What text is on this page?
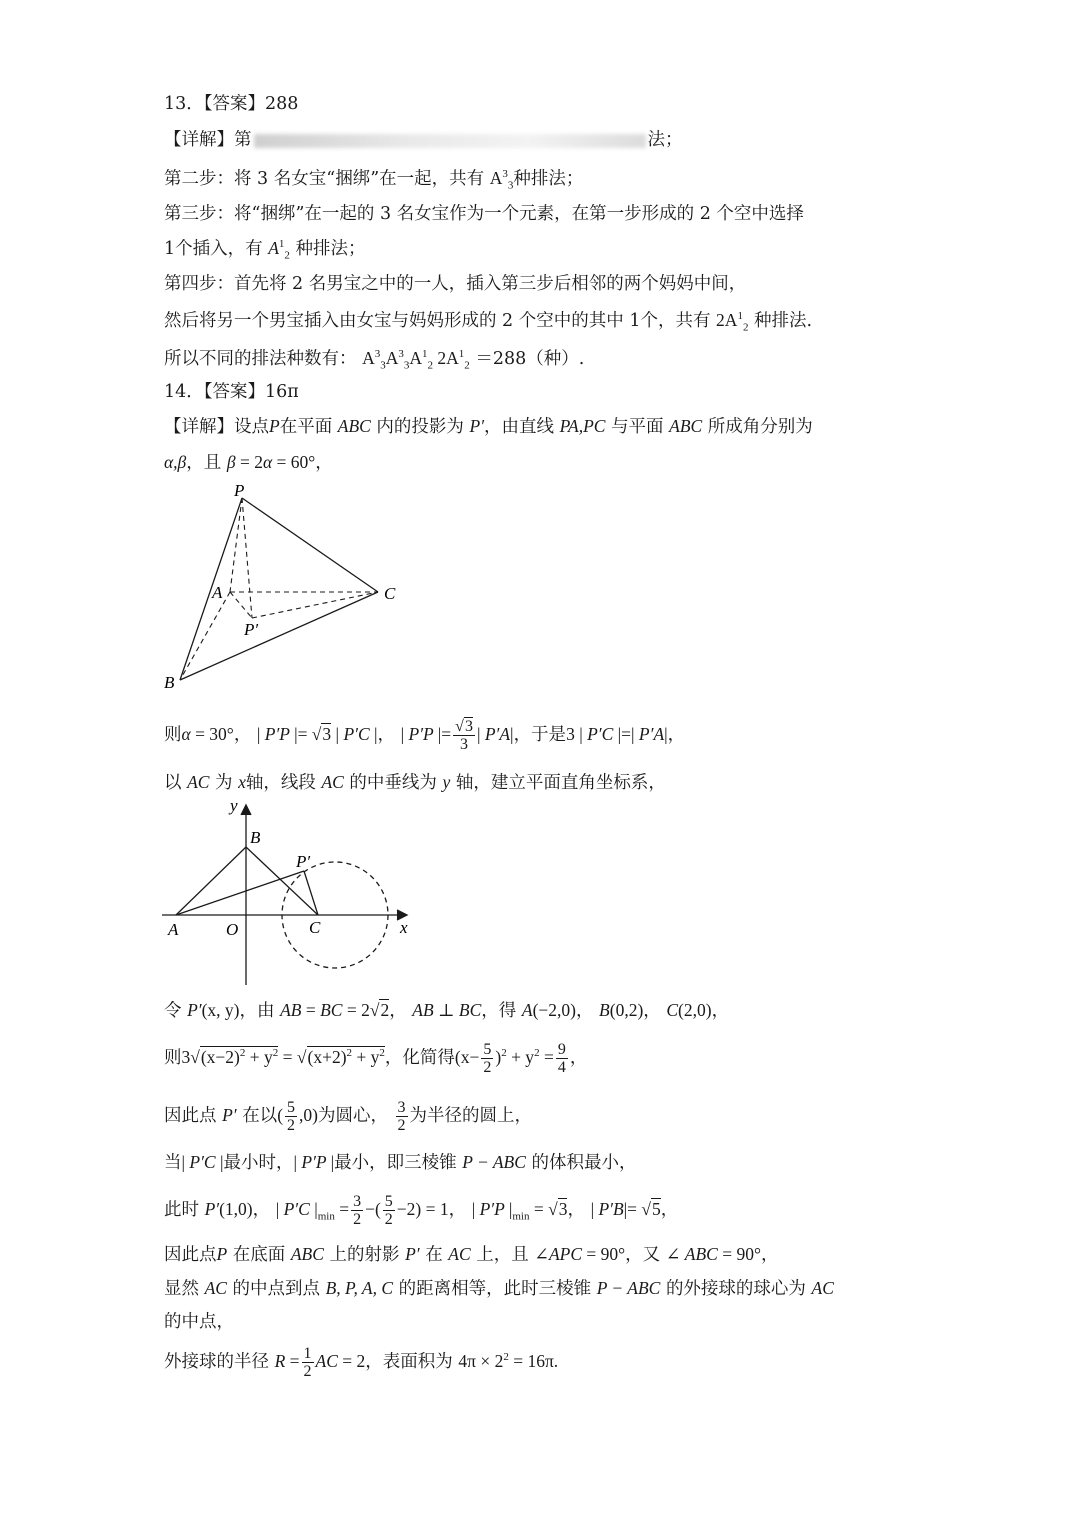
13．【答案】288
【详解】第	法；
第二步：将 3 名女宝“捆绑”在一起，共有 $A^3_3$种排法；
第三步：将“捆绑”在一起的 3 名女宝作为一个元素，在第一步形成的 2 个空中选择
1个插入，有 $A^1_2$ 种排法；
第四步：首先将 2 名男宝之中的一人，插入第三步后相邻的两个妈妈中间，
然后将另一个男宝插入由女宝与妈妈形成的 2 个空中的其中 1个，共有 $2A^1_2$ 种排法.
所以不同的排法种数有： $A^3_3A^3_3A^1_2$ $2A^1_2 =288$（种）.
14．【答案】16π
【详解】设点P在平面 ABC 内的投影为 P′，由直线 PA,PC 与平面 ABC 所成角分别为
α,β，且 β = 2α = 60°，
P
A	C
B
P′
则α = 30°， | P′P |= √3 | P′C |， | P′P |= $\frac{√3}{3}$ | P′A|，于是3 | P′C |=| P′A|，
以 AC 为 x轴，线段 AC 的中垂线为 y 轴，建立平面直角坐标系，
y
x
B
A	O	C
P′
令 P′(x, y)，由 AB = BC = 2√2， AB ⊥ BC，得 A(−2,0)， B(0,2)， C(2,0)，
则$3√(x-2)^2 + y^2 = √(x+2)^2 + y^2$，化简得$(x- \frac{5}{2} )^2 + y^2 = \frac{9}{4}$ ，
因此点 P′ 在以( $\frac{5}{2} ,0$)为圆心， $\frac{3}{2}$ 为半径的圆上，
当| P′C |最小时，| P′P |最小，即三棱锥 P − ABC 的体积最小，
此时 P′(1,0)， | P′C $|_{min} = \frac{3}{2}$ −( $\frac{5}{2} -2) = 1$， | P′P $|_{min} = √3$， | P′B|= √5，
因此点P 在底面 ABC 上的射影 P′ 在 AC 上，且 ∠APC = 90°，又 ∠ ABC = 90°，
显然 AC 的中点到点 B, P, A, C 的距离相等，此时三棱锥 P − ABC 的外接球的球心为 AC
的中点，
外接球的半径 $R = \frac{1}{2}$ AC = 2，表面积为 $4\pi \times 2^2 = 16\pi$.
